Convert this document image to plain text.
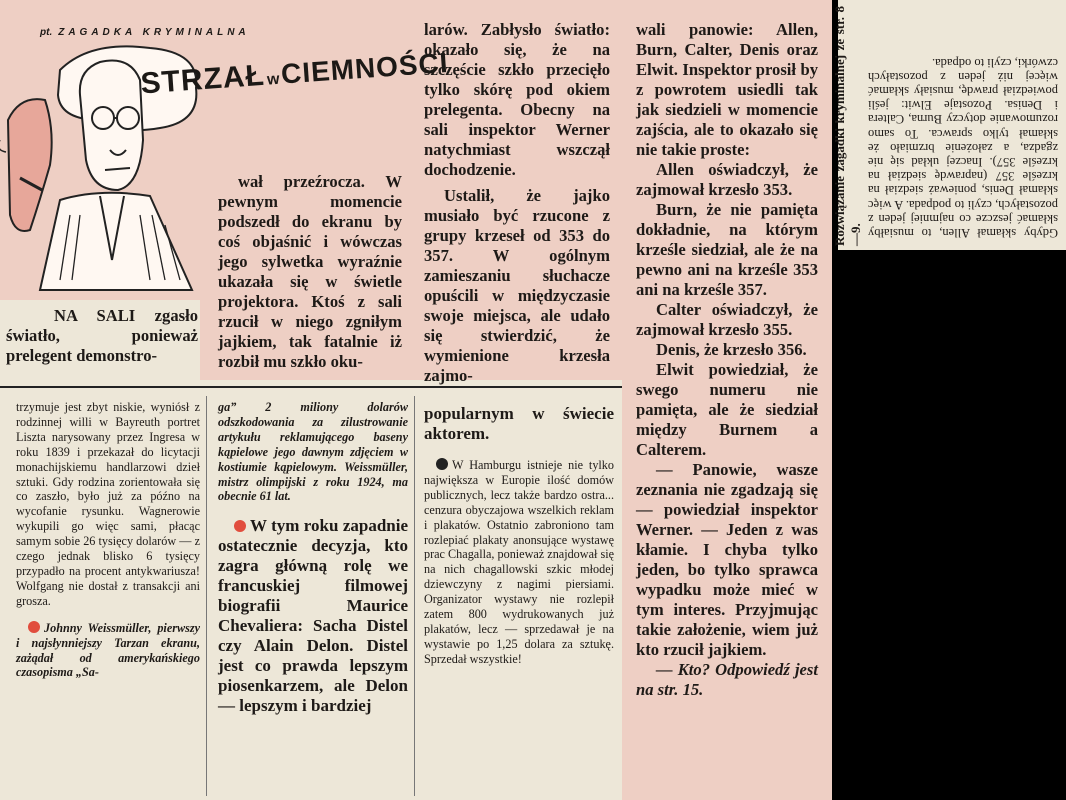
pt. ZAGADKA KRYMINALNA
STRZAŁwCIEMNOŚCI

NA SALI zgasło światło, ponieważ prelegent demonstro-

wał przeźrocza. W pewnym momencie podszedł do ekranu by coś objaśnić i wówczas jego sylwetka wyraźnie ukazała się w świetle projektora. Ktoś z sali rzucił w niego zgniłym jajkiem, tak fatalnie iż rozbił mu szkło oku-

larów. Zabłysło światło: okazało się, że na szczęście szkło przecięło tylko skórę pod okiem prelegenta. Obecny na sali inspektor Werner natychmiast wszczął dochodzenie.

Ustalił, że jajko musiało być rzucone z grupy krzeseł od 353 do 357. W ogólnym zamieszaniu słuchacze opuścili w międzyczasie swoje miejsca, ale udało się stwierdzić, że wymienione krzesła zajmo-

wali panowie: Allen, Burn, Calter, Denis oraz Elwit. Inspektor prosił by z powrotem usiedli tak jak siedzieli w momencie zajścia, ale to okazało się nie takie proste:

Allen oświadczył, że zajmował krzesło 353.

Burn, że nie pamięta dokładnie, na którym krześle siedział, ale że na pewno ani na krześle 353 ani na krześle 357.

Calter oświadczył, że zajmował krzesło 355.

Denis, że krzesło 356.

Elwit powiedział, że swego numeru nie pamięta, ale że siedział między Burnem a Calterem.

— Panowie, wasze zeznania nie zgadzają się — powiedział inspektor Werner. — Jeden z was kłamie. I chyba tylko jeden, bo tylko sprawca wypadku może mieć w tym interes. Przyjmując takie założenie, wiem już kto rzucił jajkiem.

— Kto? Odpowiedź jest na str. 15.

trzymuje jest zbyt niskie, wyniósł z rodzinnej willi w Bayreuth portret Liszta narysowany przez Ingresa w roku 1839 i przekazał do licytacji monachijskiemu handlarzowi dzieł sztuki. Gdy rodzina zorientowała się co zaszło, było już za późno na wycofanie rysunku. Wagnerowie wykupili go więc sami, płacąc samym sobie 26 tysięcy dolarów — z czego jednak blisko 6 tysięcy przypadło na procent antykwariusza! Wolfgang nie dostał z transakcji ani grosza.

Johnny Weissmüller, pierwszy i najsłynniejszy Tarzan ekranu, zażądał od amerykańskiego czasopisma „Sa-

ga” 2 miliony dolarów odszkodowania za zilustrowanie artykułu reklamującego baseny kąpielowe jego dawnym zdjęciem w kostiumie kąpielowym. Weissmüller, mistrz olimpijski z roku 1924, ma obecnie 61 lat.

W tym roku zapadnie ostatecznie decyzja, kto zagra główną rolę we francuskiej filmowej biografii Maurice Chevaliera: Sacha Distel czy Alain Delon. Distel jest co prawda lepszym piosenkarzem, ale Delon — lepszym i bardziej

popularnym w świecie aktorem.

W Hamburgu istnieje nie tylko największa w Europie ilość domów publicznych, lecz także bardzo ostra... cenzura obyczajowa wszelkich reklam i plakatów. Ostatnio zabroniono tam rozlepiać plakaty anonsujące wystawę prac Chagalla, ponieważ znajdował się na nich chagallowski szkic młodej dziewczyny z nagimi piersiami. Organizator wystawy nie rozlepił zatem 800 wydrukowanych już plakatów, lecz — sprzedawał je na wystawie po 1,25 dolara za sztukę. Sprzedał wszystkie!

Rozwiązanie zagadki kryminalnej ze str. 8—9. Gdyby skłamał Allen, to musiałby skłamać jeszcze co najmniej jeden z pozostałych, czyli to podpada. A więc skłamał Denis, ponieważ siedział na krześle 357 (naprawdę siedział na krześle 357). Inaczej układ się nie zgadza, a założenie brzmiało że skłamał tylko sprawca. To samo rozumowanie dotyczy Burna, Caltera i Denisa. Pozostaje Elwit: jeśli powiedział prawdę, musiały skłamać więcej niż jeden z pozostałych czwórki, czyli to odpada.
